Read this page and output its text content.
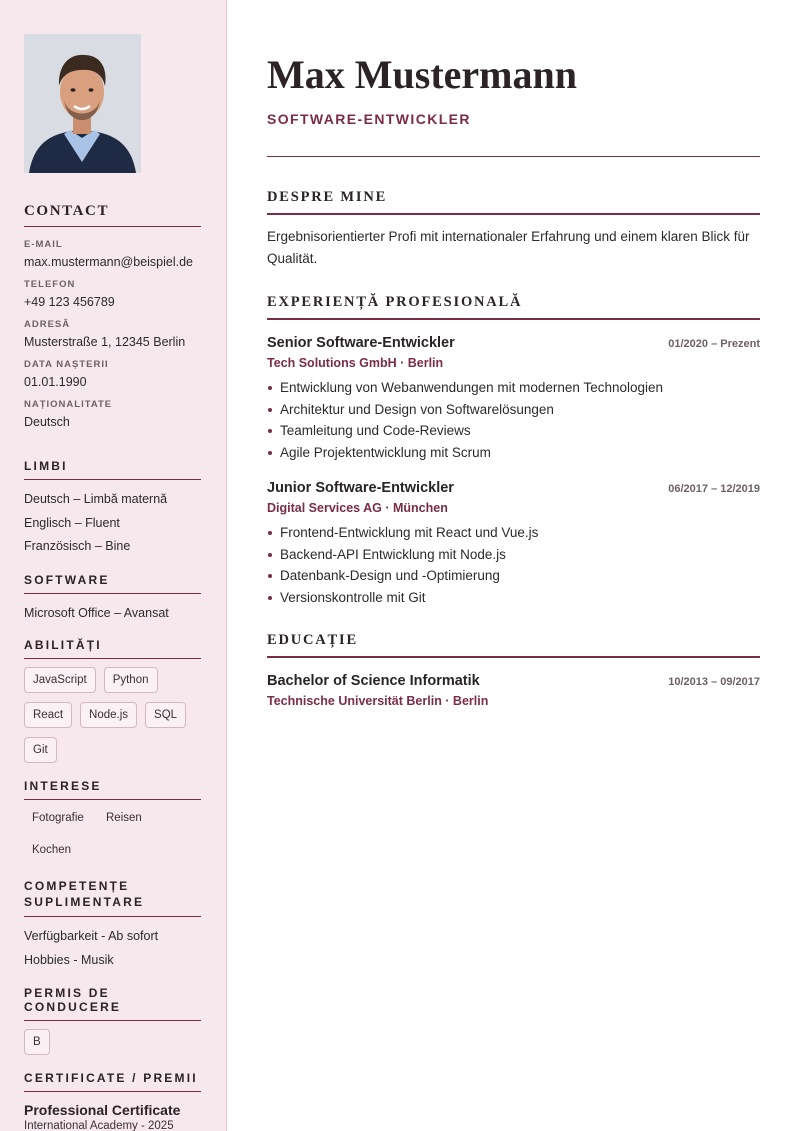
CONTACT
E-MAIL
max.mustermann@beispiel.de
TELEFON
+49 123 456789
ADRESĂ
Musterstraße 1, 12345 Berlin
DATA NAȘTERII
01.01.1990
NAȚIONALITATE
Deutsch
LIMBI
Deutsch – Limbă maternă
Englisch – Fluent
Französisch – Bine
SOFTWARE
Microsoft Office – Avansat
ABILITĂȚI
JavaScript	Python
React	Node.js	SQL
Git
INTERESE
Fotografie	Reisen
Kochen
COMPETENȚE SUPLIMENTARE
Verfügbarkeit - Ab sofort
Hobbies - Musik
PERMIS DE CONDUCERE
B
CERTIFICATE / PREMII
Professional Certificate
International Academy - 2025
Max Mustermann
SOFTWARE-ENTWICKLER
DESPRE MINE

Ergebnisorientierter Profi mit internationaler Erfahrung und einem klaren Blick für Qualität.

EXPERIENȚĂ PROFESIONALĂ
Senior Software-Entwickler	01/2020 – Prezent
Tech Solutions GmbH · Berlin
Entwicklung von Webanwendungen mit modernen Technologien
Architektur und Design von Softwarelösungen
Teamleitung und Code-Reviews
Agile Projektentwicklung mit Scrum
Junior Software-Entwickler	06/2017 – 12/2019
Digital Services AG · München
Frontend-Entwicklung mit React und Vue.js
Backend-API Entwicklung mit Node.js
Datenbank-Design und -Optimierung
Versionskontrolle mit Git
EDUCAȚIE
Bachelor of Science Informatik	10/2013 – 09/2017
Technische Universität Berlin · Berlin
